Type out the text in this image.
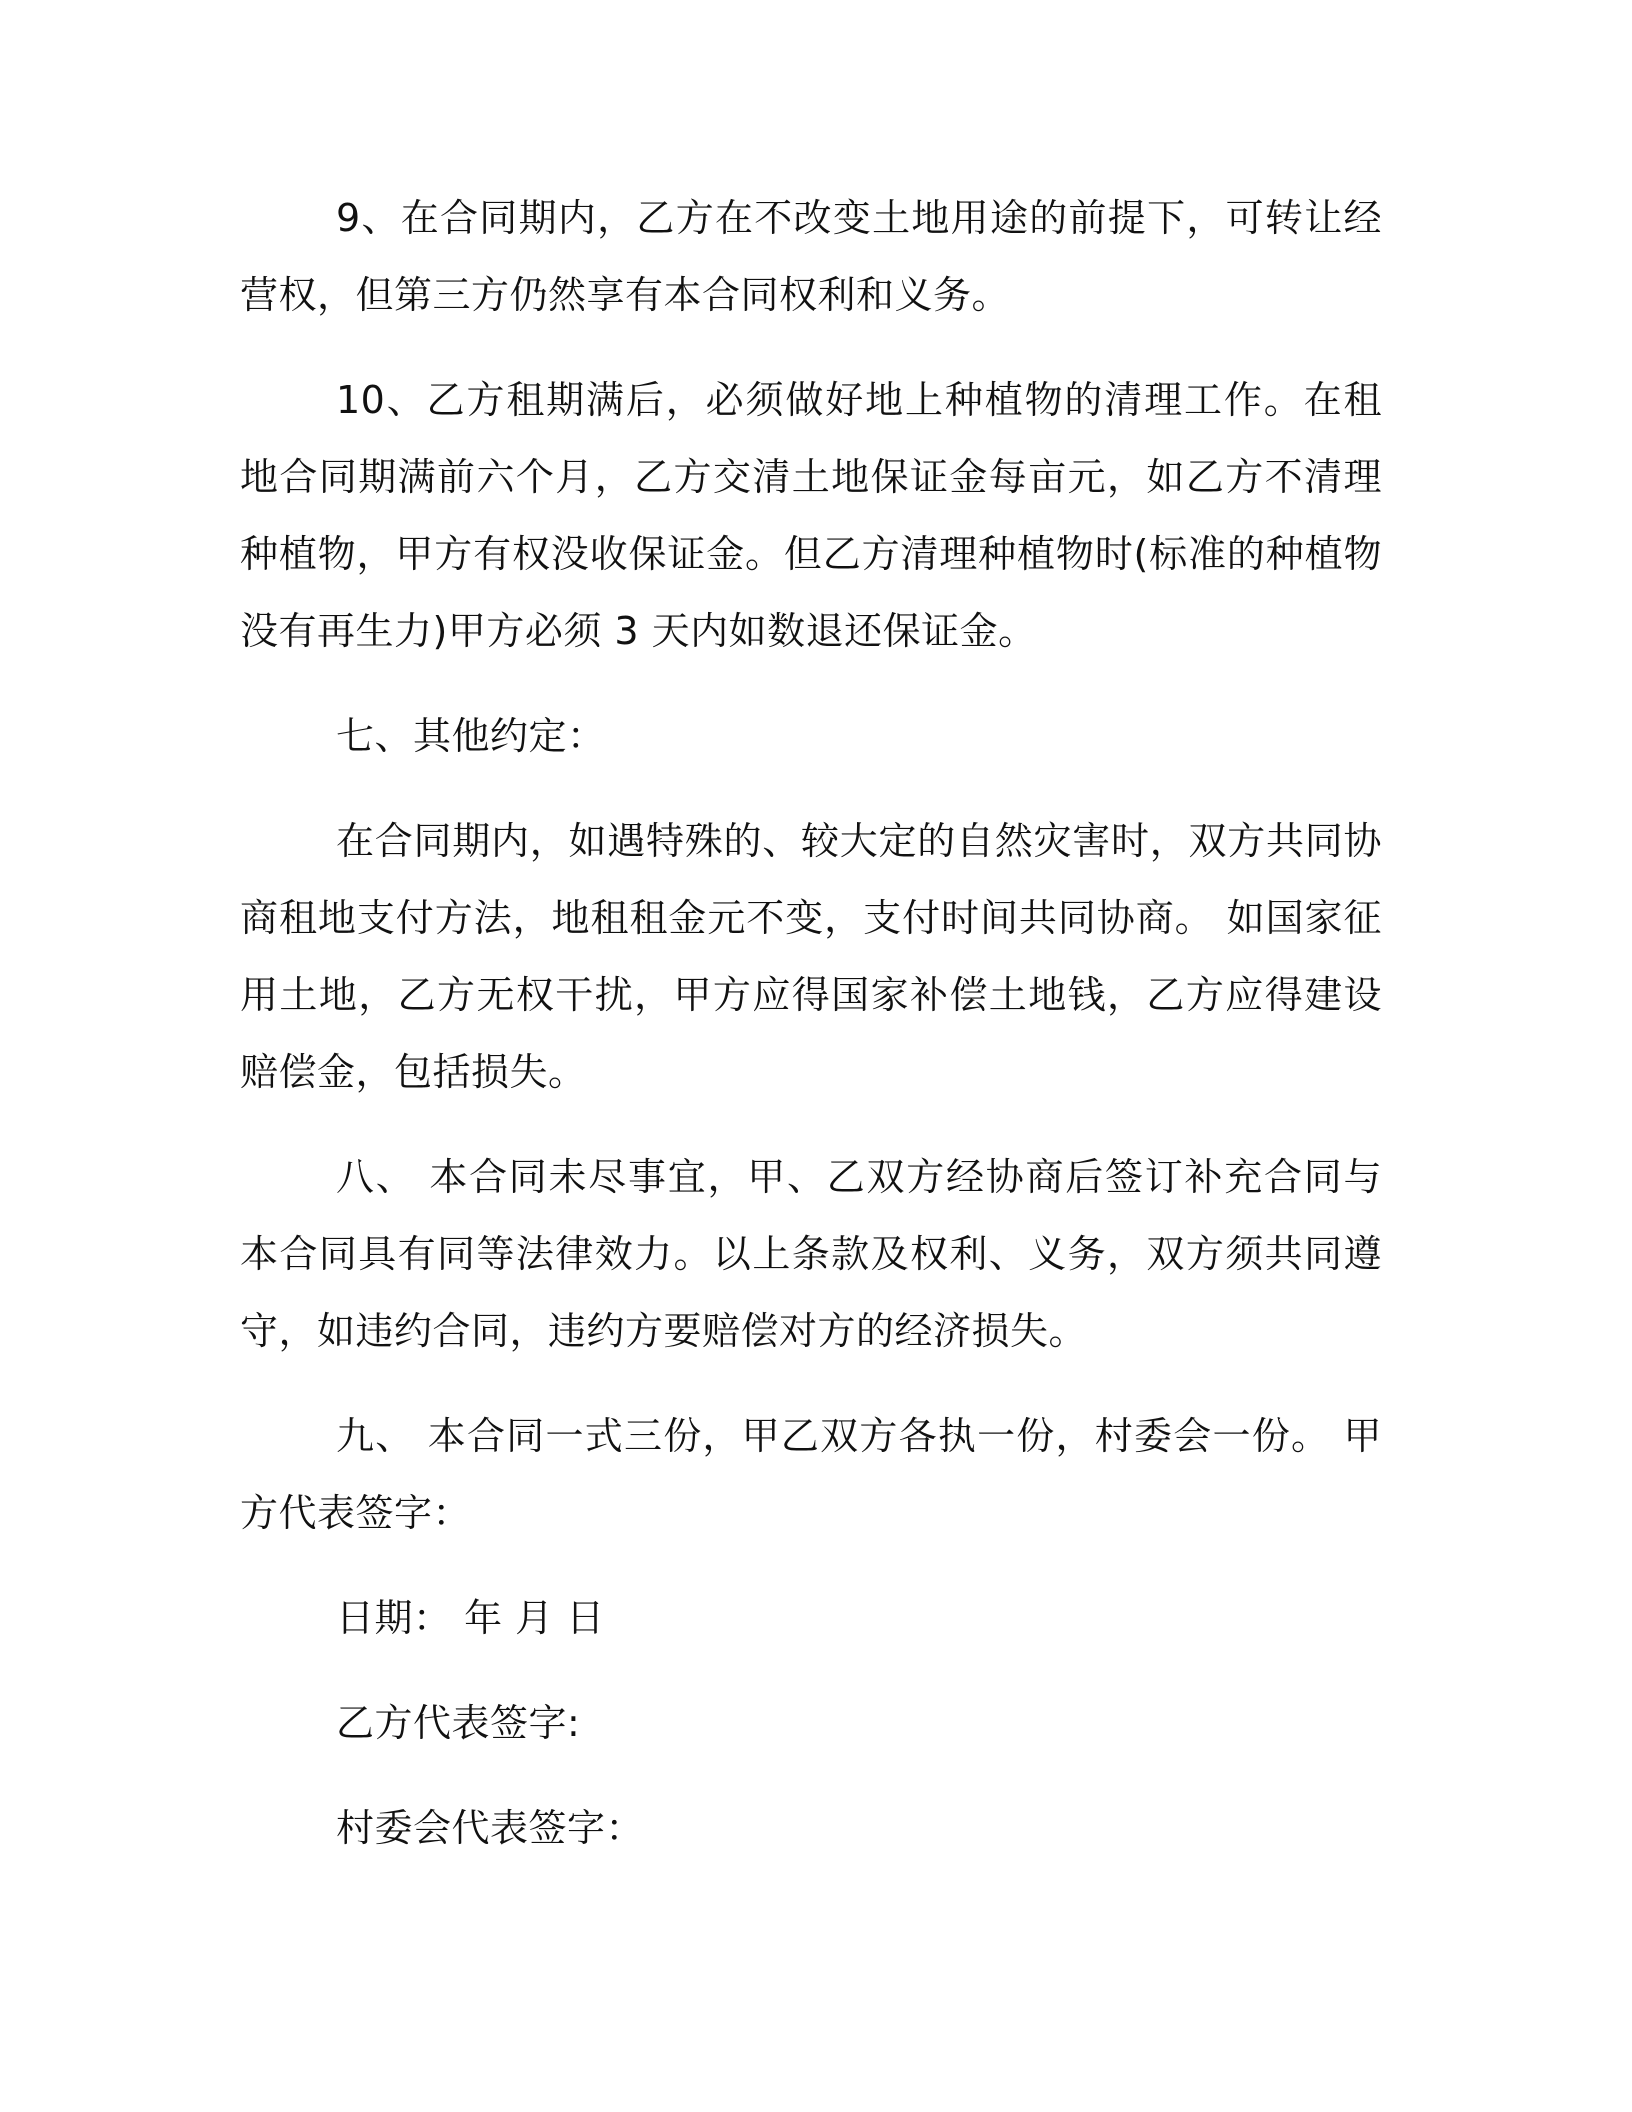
9、在合同期内，乙方在不改变土地用途的前提下，可转让经营权，但第三方仍然享有本合同权利和义务。

10、乙方租期满后，必须做好地上种植物的清理工作。在租地合同期满前六个月，乙方交清土地保证金每亩元，如乙方不清理种植物，甲方有权没收保证金。但乙方清理种植物时(标准的种植物没有再生力)甲方必须 3 天内如数退还保证金。

七、其他约定：

在合同期内，如遇特殊的、较大定的自然灾害时，双方共同协商租地支付方法，地租租金元不变，支付时间共同协商。 如国家征用土地，乙方无权干扰，甲方应得国家补偿土地钱，乙方应得建设赔偿金，包括损失。

八、 本合同未尽事宜，甲、乙双方经协商后签订补充合同与本合同具有同等法律效力。以上条款及权利、义务，双方须共同遵守，如违约合同，违约方要赔偿对方的经济损失。

九、 本合同一式三份，甲乙双方各执一份，村委会一份。 甲方代表签字：

日期： 年 月 日

乙方代表签字:

村委会代表签字：
